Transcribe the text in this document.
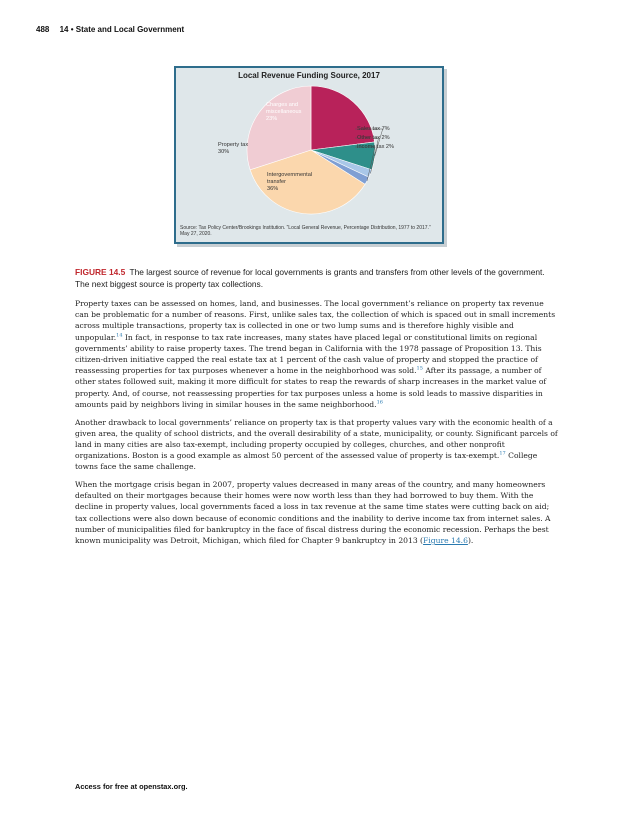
488 14 • State and Local Government
Local Revenue Funding Source, 2017
Charges and
miscellaneous
23%
Property tax
30%
Intergovernmental
transfer
36%
Sales tax 7%
Other tax 2%
Income tax 2%
Source: Tax Policy Center/Brookings Institution. “Local General Revenue, Percentage Distribution, 1977 to 2017.” May 27, 2020.
FIGURE 14.5 The largest source of revenue for local governments is grants and transfers from other levels of the government. The next biggest source is property tax collections.

Property taxes can be assessed on homes, land, and businesses. The local government’s reliance on property tax revenue can be problematic for a number of reasons. First, unlike sales tax, the collection of which is spaced out in small increments across multiple transactions, property tax is collected in one or two lump sums and is therefore highly visible and unpopular.$^{14}$ In fact, in response to tax rate increases, many states have placed legal or constitutional limits on regional governments’ ability to raise property taxes. The trend began in California with the 1978 passage of Proposition 13. This citizen-driven initiative capped the real estate tax at 1 percent of the cash value of property and stopped the practice of reassessing properties for tax purposes whenever a home in the neighborhood was sold.$^{15}$ After its passage, a number of other states followed suit, making it more difficult for states to reap the rewards of sharp increases in the market value of property. And, of course, not reassessing properties for tax purposes unless a home is sold leads to massive disparities in amounts paid by neighbors living in similar houses in the same neighborhood.$^{16}$

Another drawback to local governments’ reliance on property tax is that property values vary with the economic health of a given area, the quality of school districts, and the overall desirability of a state, municipality, or county. Significant parcels of land in many cities are also tax-exempt, including property occupied by colleges, churches, and other nonprofit organizations. Boston is a good example as almost 50 percent of the assessed value of property is tax-exempt.$^{17}$ College towns face the same challenge.

When the mortgage crisis began in 2007, property values decreased in many areas of the country, and many homeowners defaulted on their mortgages because their homes were now worth less than they had borrowed to buy them. With the decline in property values, local governments faced a loss in tax revenue at the same time states were cutting back on aid; tax collections were also down because of economic conditions and the inability to derive income tax from internet sales. A number of municipalities filed for bankruptcy in the face of fiscal distress during the economic recession. Perhaps the best known municipality was Detroit, Michigan, which filed for Chapter 9 bankruptcy in 2013 (Figure 14.6).

Access for free at openstax.org.
